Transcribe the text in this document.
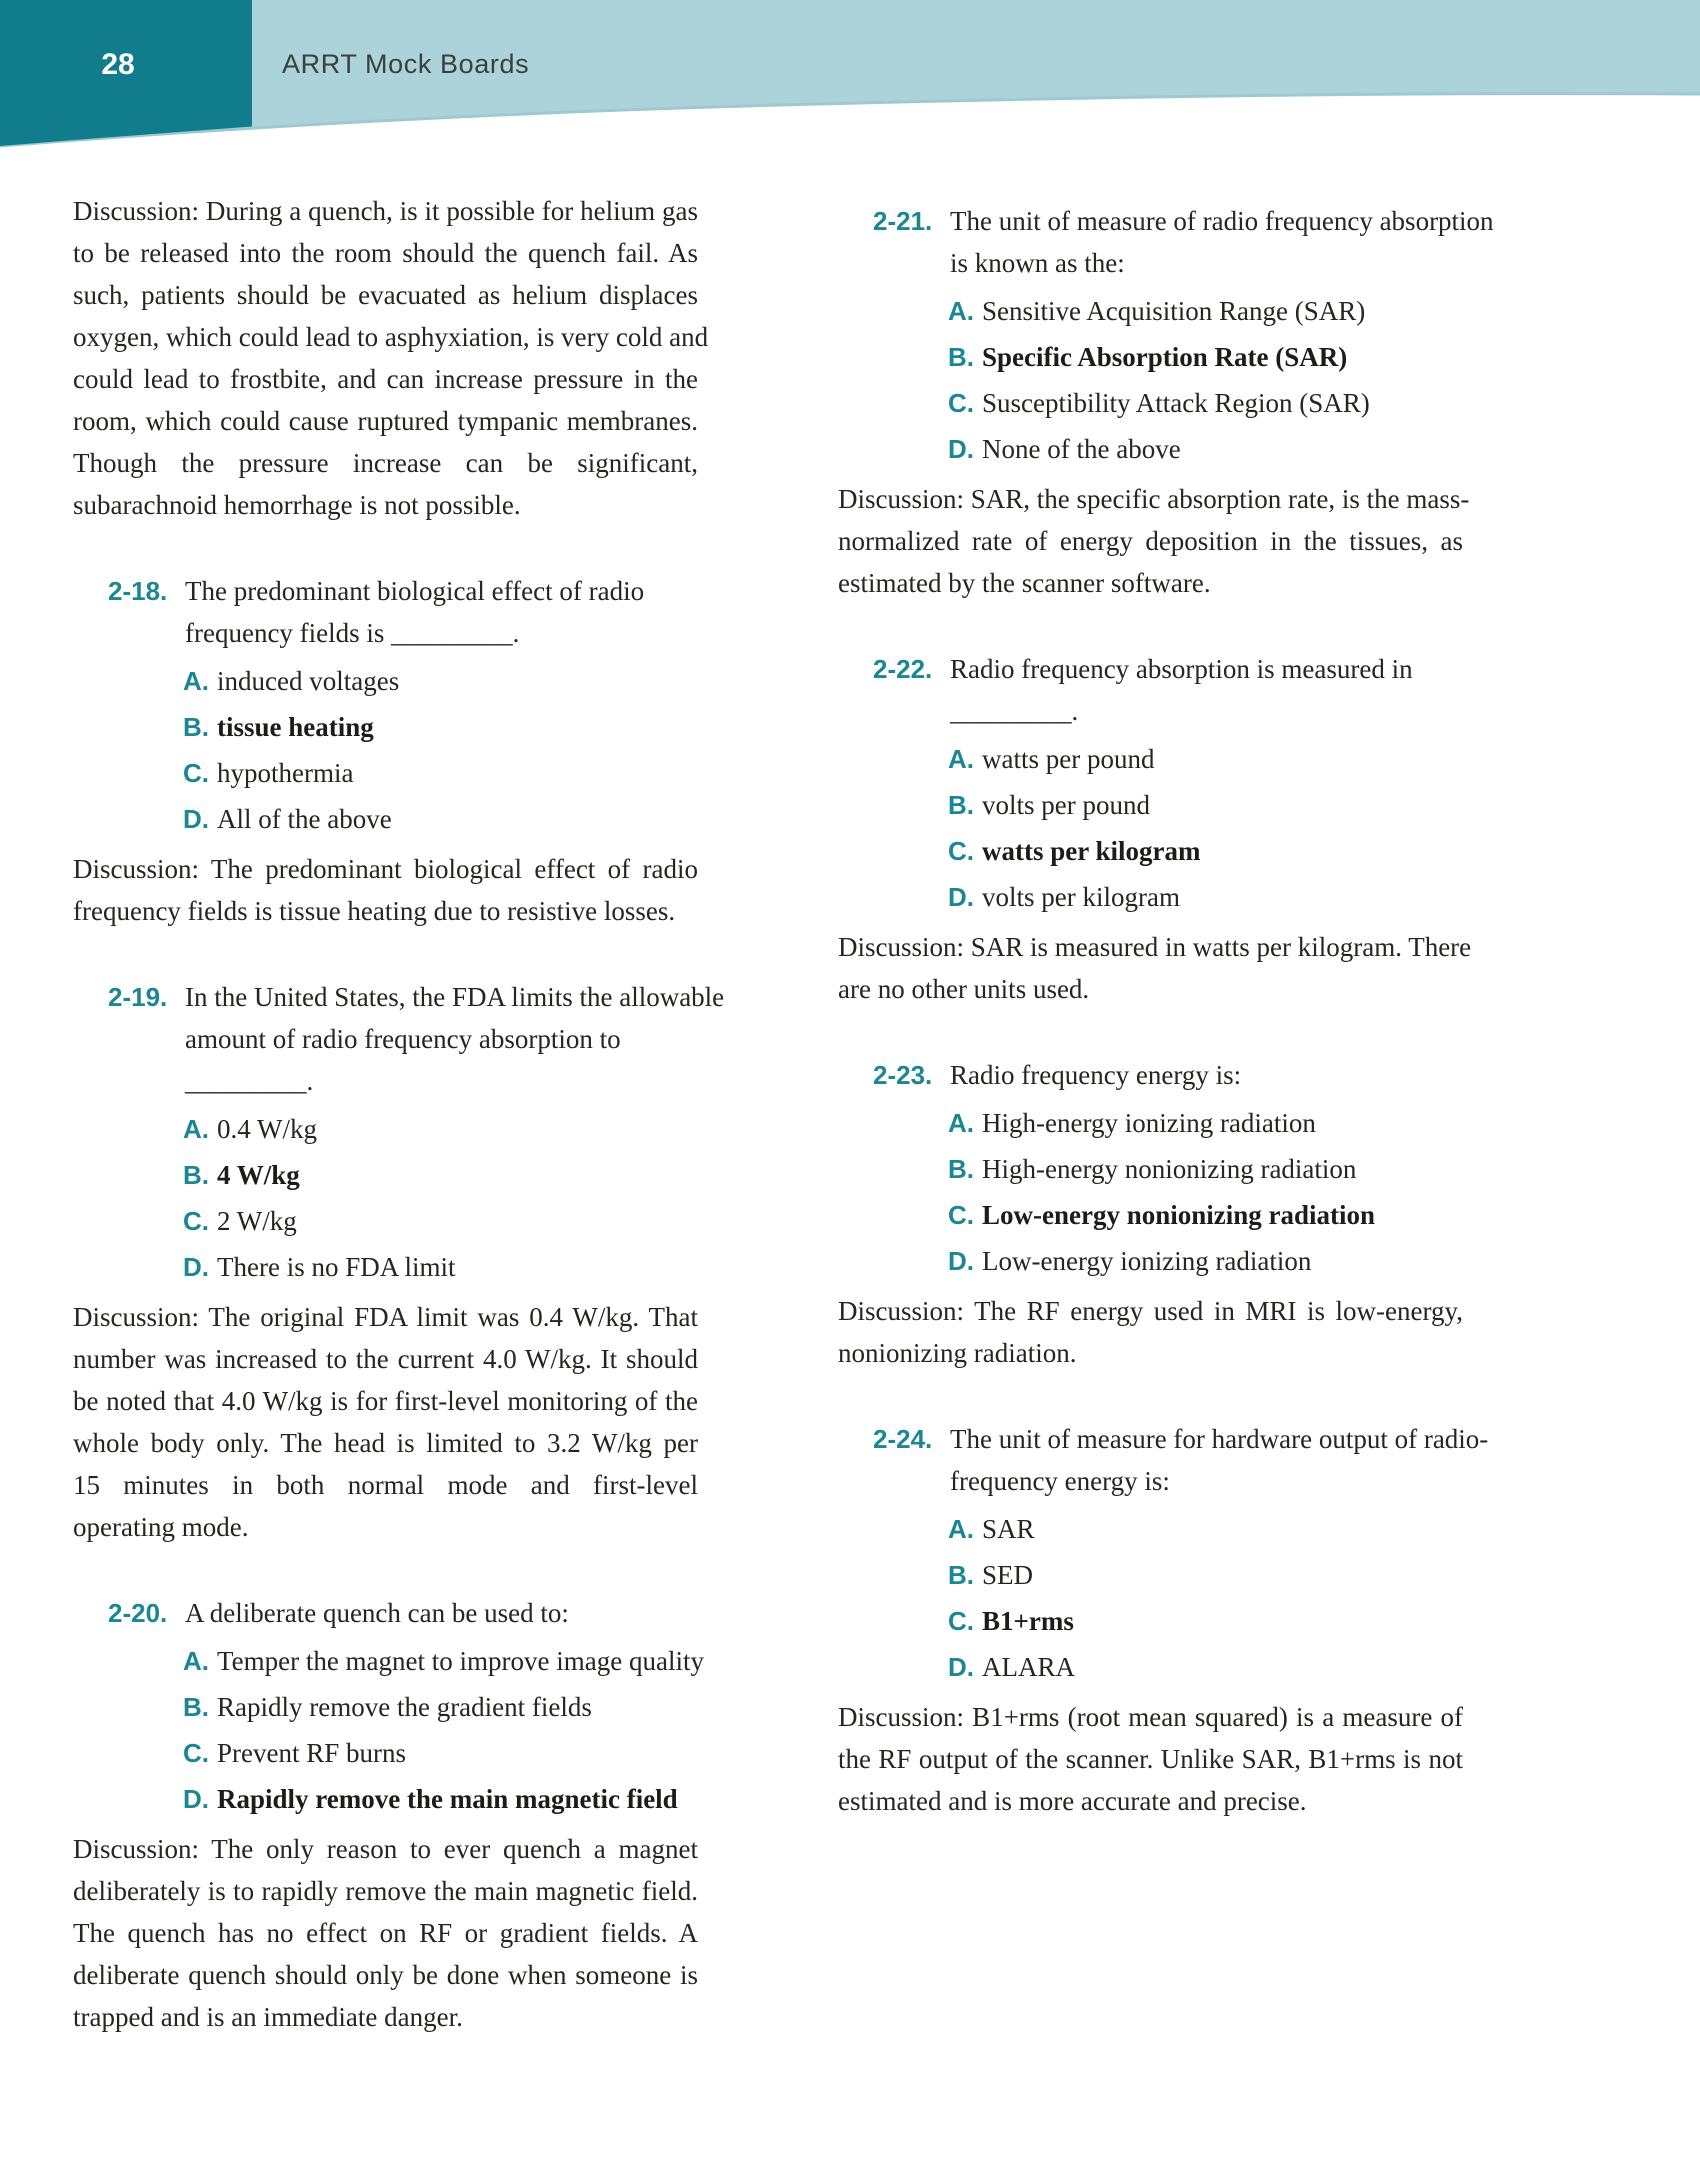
28	ARRT Mock Boards
Discussion: During a quench, is it possible for helium gas
to be released into the room should the quench fail. As
such, patients should be evacuated as helium displaces
oxygen, which could lead to asphyxiation, is very cold and
could lead to frostbite, and can increase pressure in the
room, which could cause ruptured tympanic membranes.
Though the pressure increase can be significant,
subarachnoid hemorrhage is not possible.
2-18. The predominant biological effect of radio
frequency fields is _________.
A. induced voltages
B. tissue heating
C. hypothermia
D. All of the above
Discussion: The predominant biological effect of radio
frequency fields is tissue heating due to resistive losses.
2-19. In the United States, the FDA limits the allowable
amount of radio frequency absorption to
_________.
A. 0.4 W/kg
B. 4 W/kg
C. 2 W/kg
D. There is no FDA limit
Discussion: The original FDA limit was 0.4 W/kg. That
number was increased to the current 4.0 W/kg. It should
be noted that 4.0 W/kg is for first-level monitoring of the
whole body only. The head is limited to 3.2 W/kg per
15 minutes in both normal mode and first-level
operating mode.
2-20. A deliberate quench can be used to:
A. Temper the magnet to improve image quality
B. Rapidly remove the gradient fields
C. Prevent RF burns
D. Rapidly remove the main magnetic field
Discussion: The only reason to ever quench a magnet
deliberately is to rapidly remove the main magnetic field.
The quench has no effect on RF or gradient fields. A
deliberate quench should only be done when someone is
trapped and is an immediate danger.
2-21. The unit of measure of radio frequency absorption
is known as the:
A. Sensitive Acquisition Range (SAR)
B. Specific Absorption Rate (SAR)
C. Susceptibility Attack Region (SAR)
D. None of the above
Discussion: SAR, the specific absorption rate, is the mass-
normalized rate of energy deposition in the tissues, as
estimated by the scanner software.
2-22. Radio frequency absorption is measured in
_________.
A. watts per pound
B. volts per pound
C. watts per kilogram
D. volts per kilogram
Discussion: SAR is measured in watts per kilogram. There
are no other units used.
2-23. Radio frequency energy is:
A. High-energy ionizing radiation
B. High-energy nonionizing radiation
C. Low-energy nonionizing radiation
D. Low-energy ionizing radiation
Discussion: The RF energy used in MRI is low-energy,
nonionizing radiation.
2-24. The unit of measure for hardware output of radio-
frequency energy is:
A. SAR
B. SED
C. B1+rms
D. ALARA
Discussion: B1+rms (root mean squared) is a measure of
the RF output of the scanner. Unlike SAR, B1+rms is not
estimated and is more accurate and precise.
